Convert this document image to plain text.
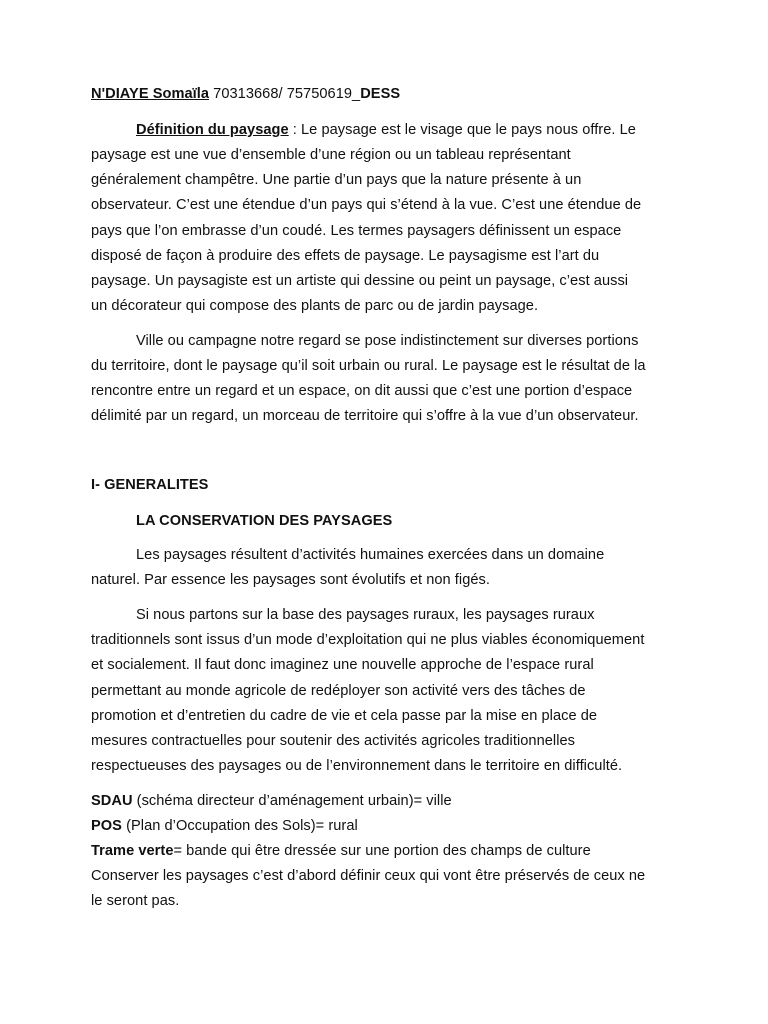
N'DIAYE Somaïla 70313668/ 75750619_DESS
Définition du paysage : Le paysage est le visage que le pays nous offre. Le
paysage est une vue d’ensemble d’une région ou un tableau représentant
généralement champêtre. Une partie d’un pays que la nature présente à un
observateur. C’est une étendue d’un pays qui s’étend à la vue. C’est une étendue de
pays que l’on embrasse d’un coudé. Les termes paysagers définissent un espace
disposé de façon à produire des effets de paysage. Le paysagisme est l’art du
paysage. Un paysagiste est un artiste qui dessine ou peint un paysage, c’est aussi
un décorateur qui compose des plants de parc ou de jardin paysage.
Ville ou campagne notre regard se pose indistinctement sur diverses portions
du territoire, dont le paysage qu’il soit urbain ou rural. Le paysage est le résultat de la
rencontre entre un regard et un espace, on dit aussi que c’est une portion d’espace
délimité par un regard, un morceau de territoire qui s’offre à la vue d’un observateur.
I- GENERALITES
LA CONSERVATION DES PAYSAGES
Les paysages résultent d’activités humaines exercées dans un domaine
naturel. Par essence les paysages sont évolutifs et non figés.
Si nous partons sur la base des paysages ruraux, les paysages ruraux
traditionnels sont issus d’un mode d’exploitation qui ne plus viables économiquement
et socialement. Il faut donc imaginez une nouvelle approche de l’espace rural
permettant au monde agricole de redéployer son activité vers des tâches de
promotion et d’entretien du cadre de vie et cela passe par la mise en place de
mesures contractuelles pour soutenir des activités agricoles traditionnelles
respectueuses des paysages ou de l’environnement dans le territoire en difficulté.
SDAU (schéma directeur d’aménagement urbain)= ville
POS (Plan d’Occupation des Sols)= rural
Trame verte= bande qui être dressée sur une portion des champs de culture
Conserver les paysages c’est d’abord définir ceux qui vont être préservés de ceux ne
le seront pas.
